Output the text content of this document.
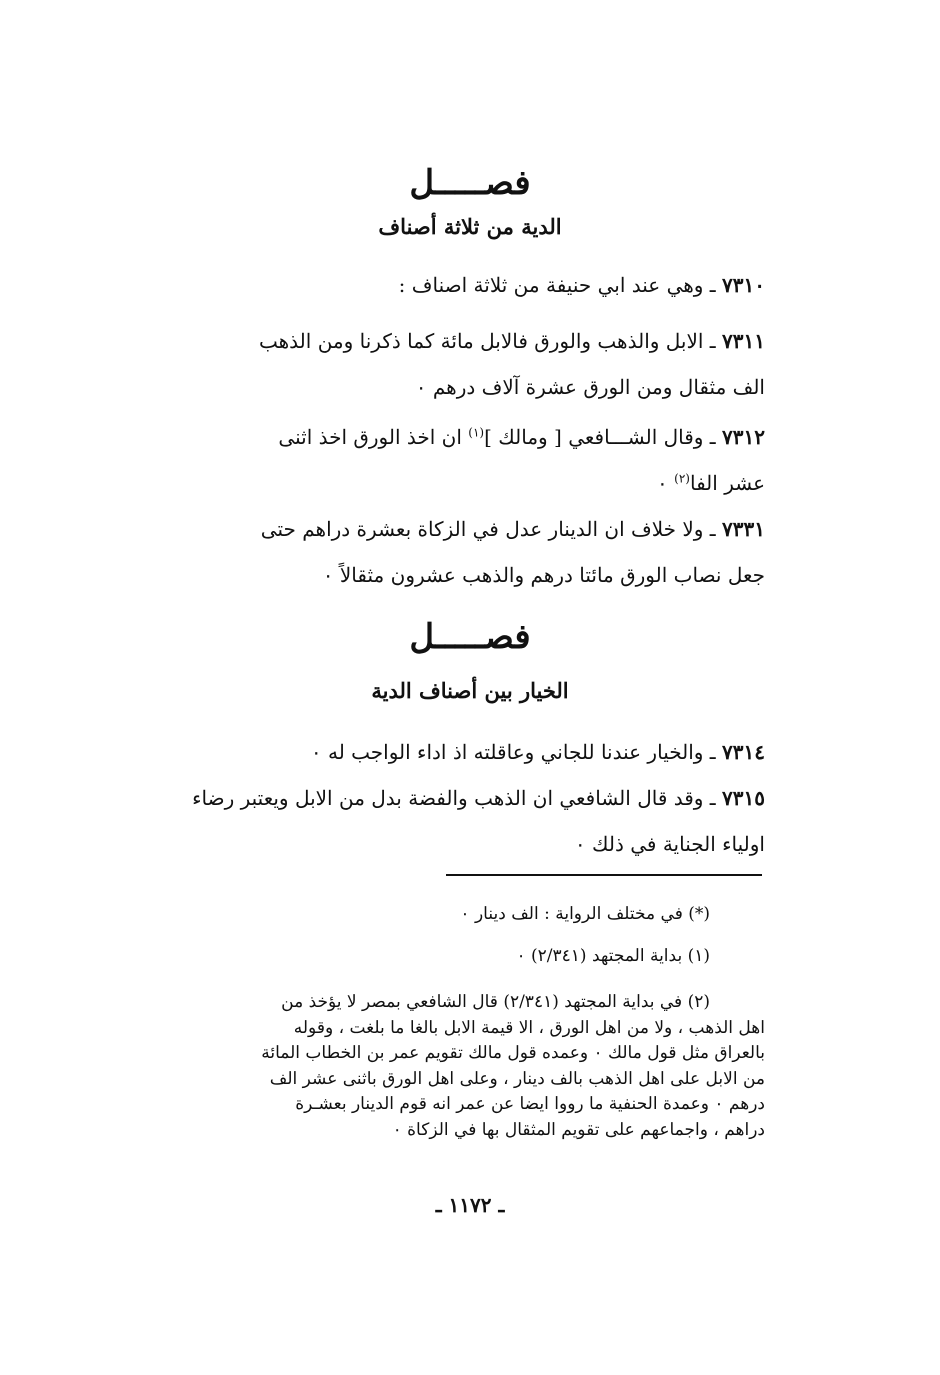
فصـــــل
الدية من ثلاثة أصناف
٧٣١٠ ـ وهي عند ابي حنيفة من ثلاثة اصناف :
٧٣١١ ـ الابل والذهب والورق فالابل مائة كما ذكرنا ومن الذهب
الف مثقال ومن الورق عشرة آلاف درهم ٠
٧٣١٢ ـ وقال الشـــافعي [ ومالك ]$^{(١)}$ ان اخذ الورق اخذ اثنى
عشر الفا$^{(٢)}$ ٠
٧٣٣١ ـ ولا خلاف ان الدينار عدل في الزكاة بعشرة دراهم حتى
جعل نصاب الورق مائتا درهم والذهب عشرون مثقالاً ٠
فصـــــل
الخيار بين أصناف الدية
٧٣١٤ ـ والخيار عندنا للجاني وعاقلته اذ اداء الواجب له ٠
٧٣١٥ ـ وقد قال الشافعي ان الذهب والفضة بدل من الابل ويعتبر رضاء
اولياء الجناية في ذلك ٠
(*) في مختلف الرواية : الف دينار ٠
(١) بداية المجتهد (٢/٣٤١) ٠
(٢) في بداية المجتهد (٢/٣٤١) قال الشافعي بمصر لا يؤخذ من
اهل الذهب ، ولا من اهل الورق ، الا قيمة الابل بالغا ما بلغت ، وقوله
بالعراق مثل قول مالك ٠ وعمده قول مالك تقويم عمر بن الخطاب المائة
من الابل على اهل الذهب بالف دينار ، وعلى اهل الورق باثنى عشر الف
درهم ٠ وعمدة الحنفية ما رووا ايضا عن عمر انه قوم الدينار بعشـرة
دراهم ، واجماعهم على تقويم المثقال بها في الزكاة ٠
ـ ١١٧٢ ـ
